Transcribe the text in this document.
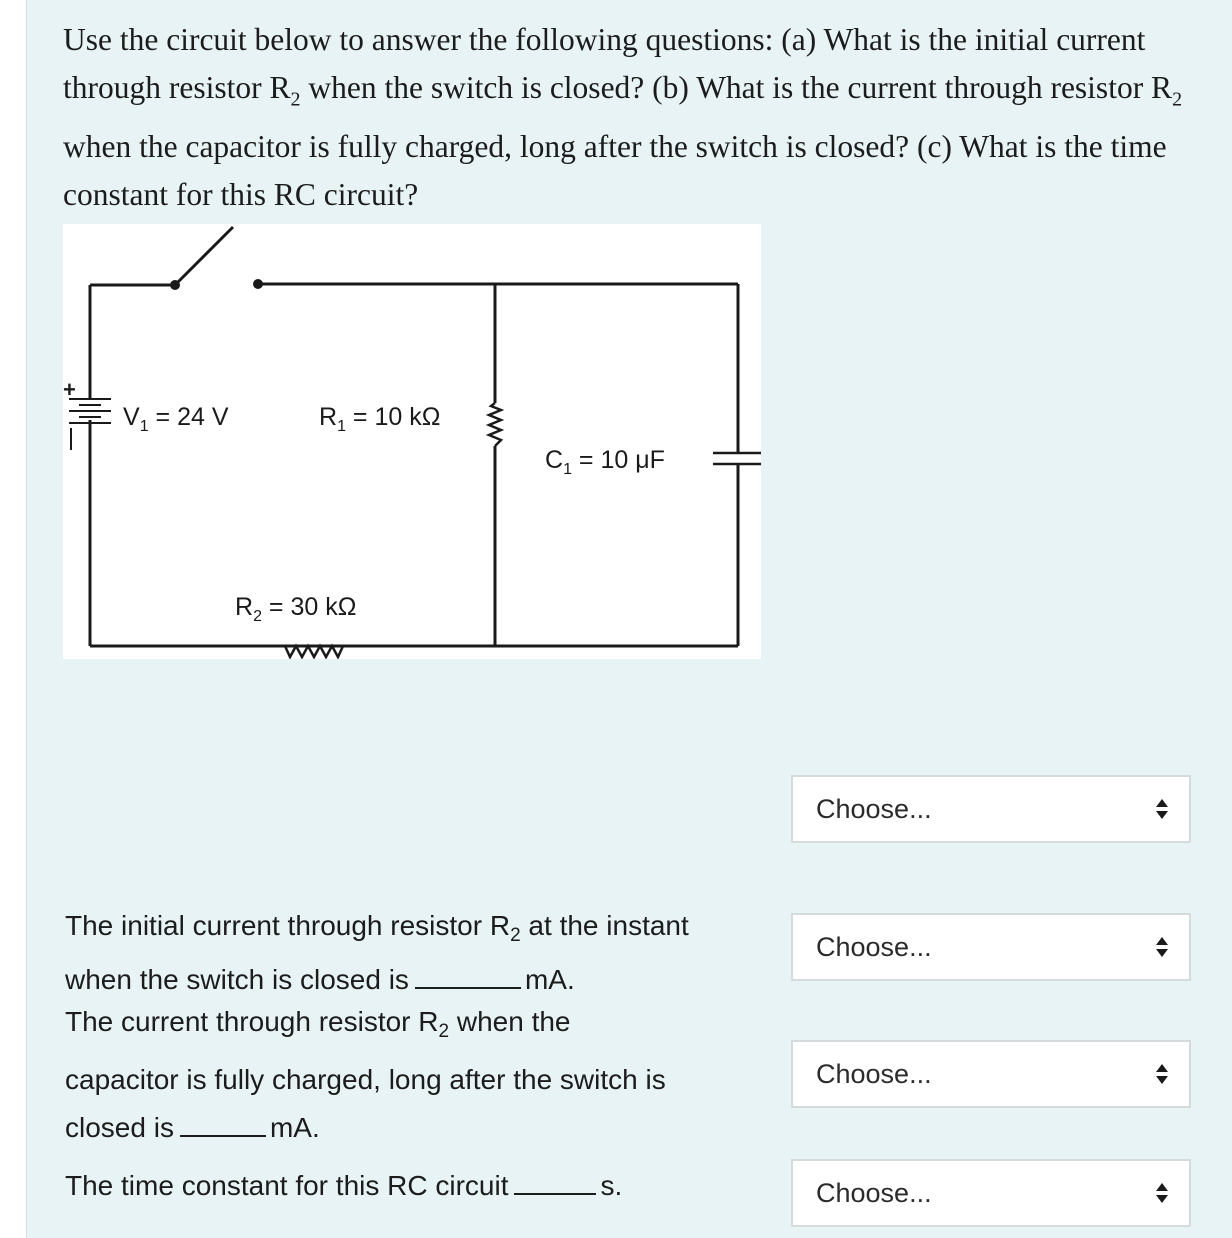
Use the circuit below to answer the following questions: (a) What is the initial current through resistor $R_2$ when the switch is closed? (b) What is the current through resistor $R_2$ when the capacitor is fully charged, long after the switch is closed? (c) What is the time constant for this RC circuit?

+
$V_1 = 24$ V	$R_1 = 10$ kΩ
$C_1 = 10$ μF
$R_2 = 30$ kΩ

The initial current through resistor $R_2$ at the instant
when the switch is closed is	mA.

The current through resistor $R_2$ when the
capacitor is fully charged, long after the switch is
closed is	mA.

The time constant for this RC circuit	s.

Choose...
Choose...
Choose...
Choose...
